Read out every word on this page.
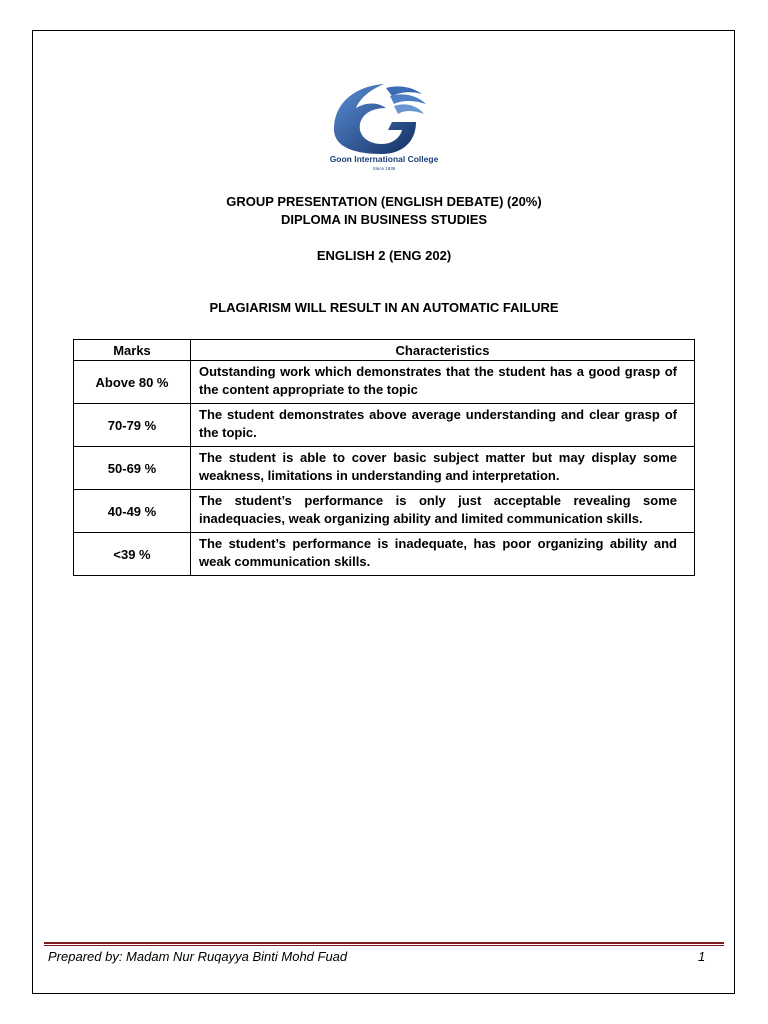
Goon International College
Since 1936
GROUP PRESENTATION (ENGLISH DEBATE) (20%)
DIPLOMA IN BUSINESS STUDIES
ENGLISH 2 (ENG 202)
PLAGIARISM WILL RESULT IN AN AUTOMATIC FAILURE
Marks	Characteristics
Above 80 %	Outstanding work which demonstrates that the student has a good grasp of the content appropriate to the topic
70-79 %	The student demonstrates above average understanding and clear grasp of the topic.
50-69 %	The student is able to cover basic subject matter but may display some weakness, limitations in understanding and interpretation.
40-49 %	The student’s performance is only just acceptable revealing some inadequacies, weak organizing ability and limited communication skills.
<39 %	The student’s performance is inadequate, has poor organizing ability and weak communication skills.
Prepared by: Madam Nur Ruqayya Binti Mohd Fuad	1
